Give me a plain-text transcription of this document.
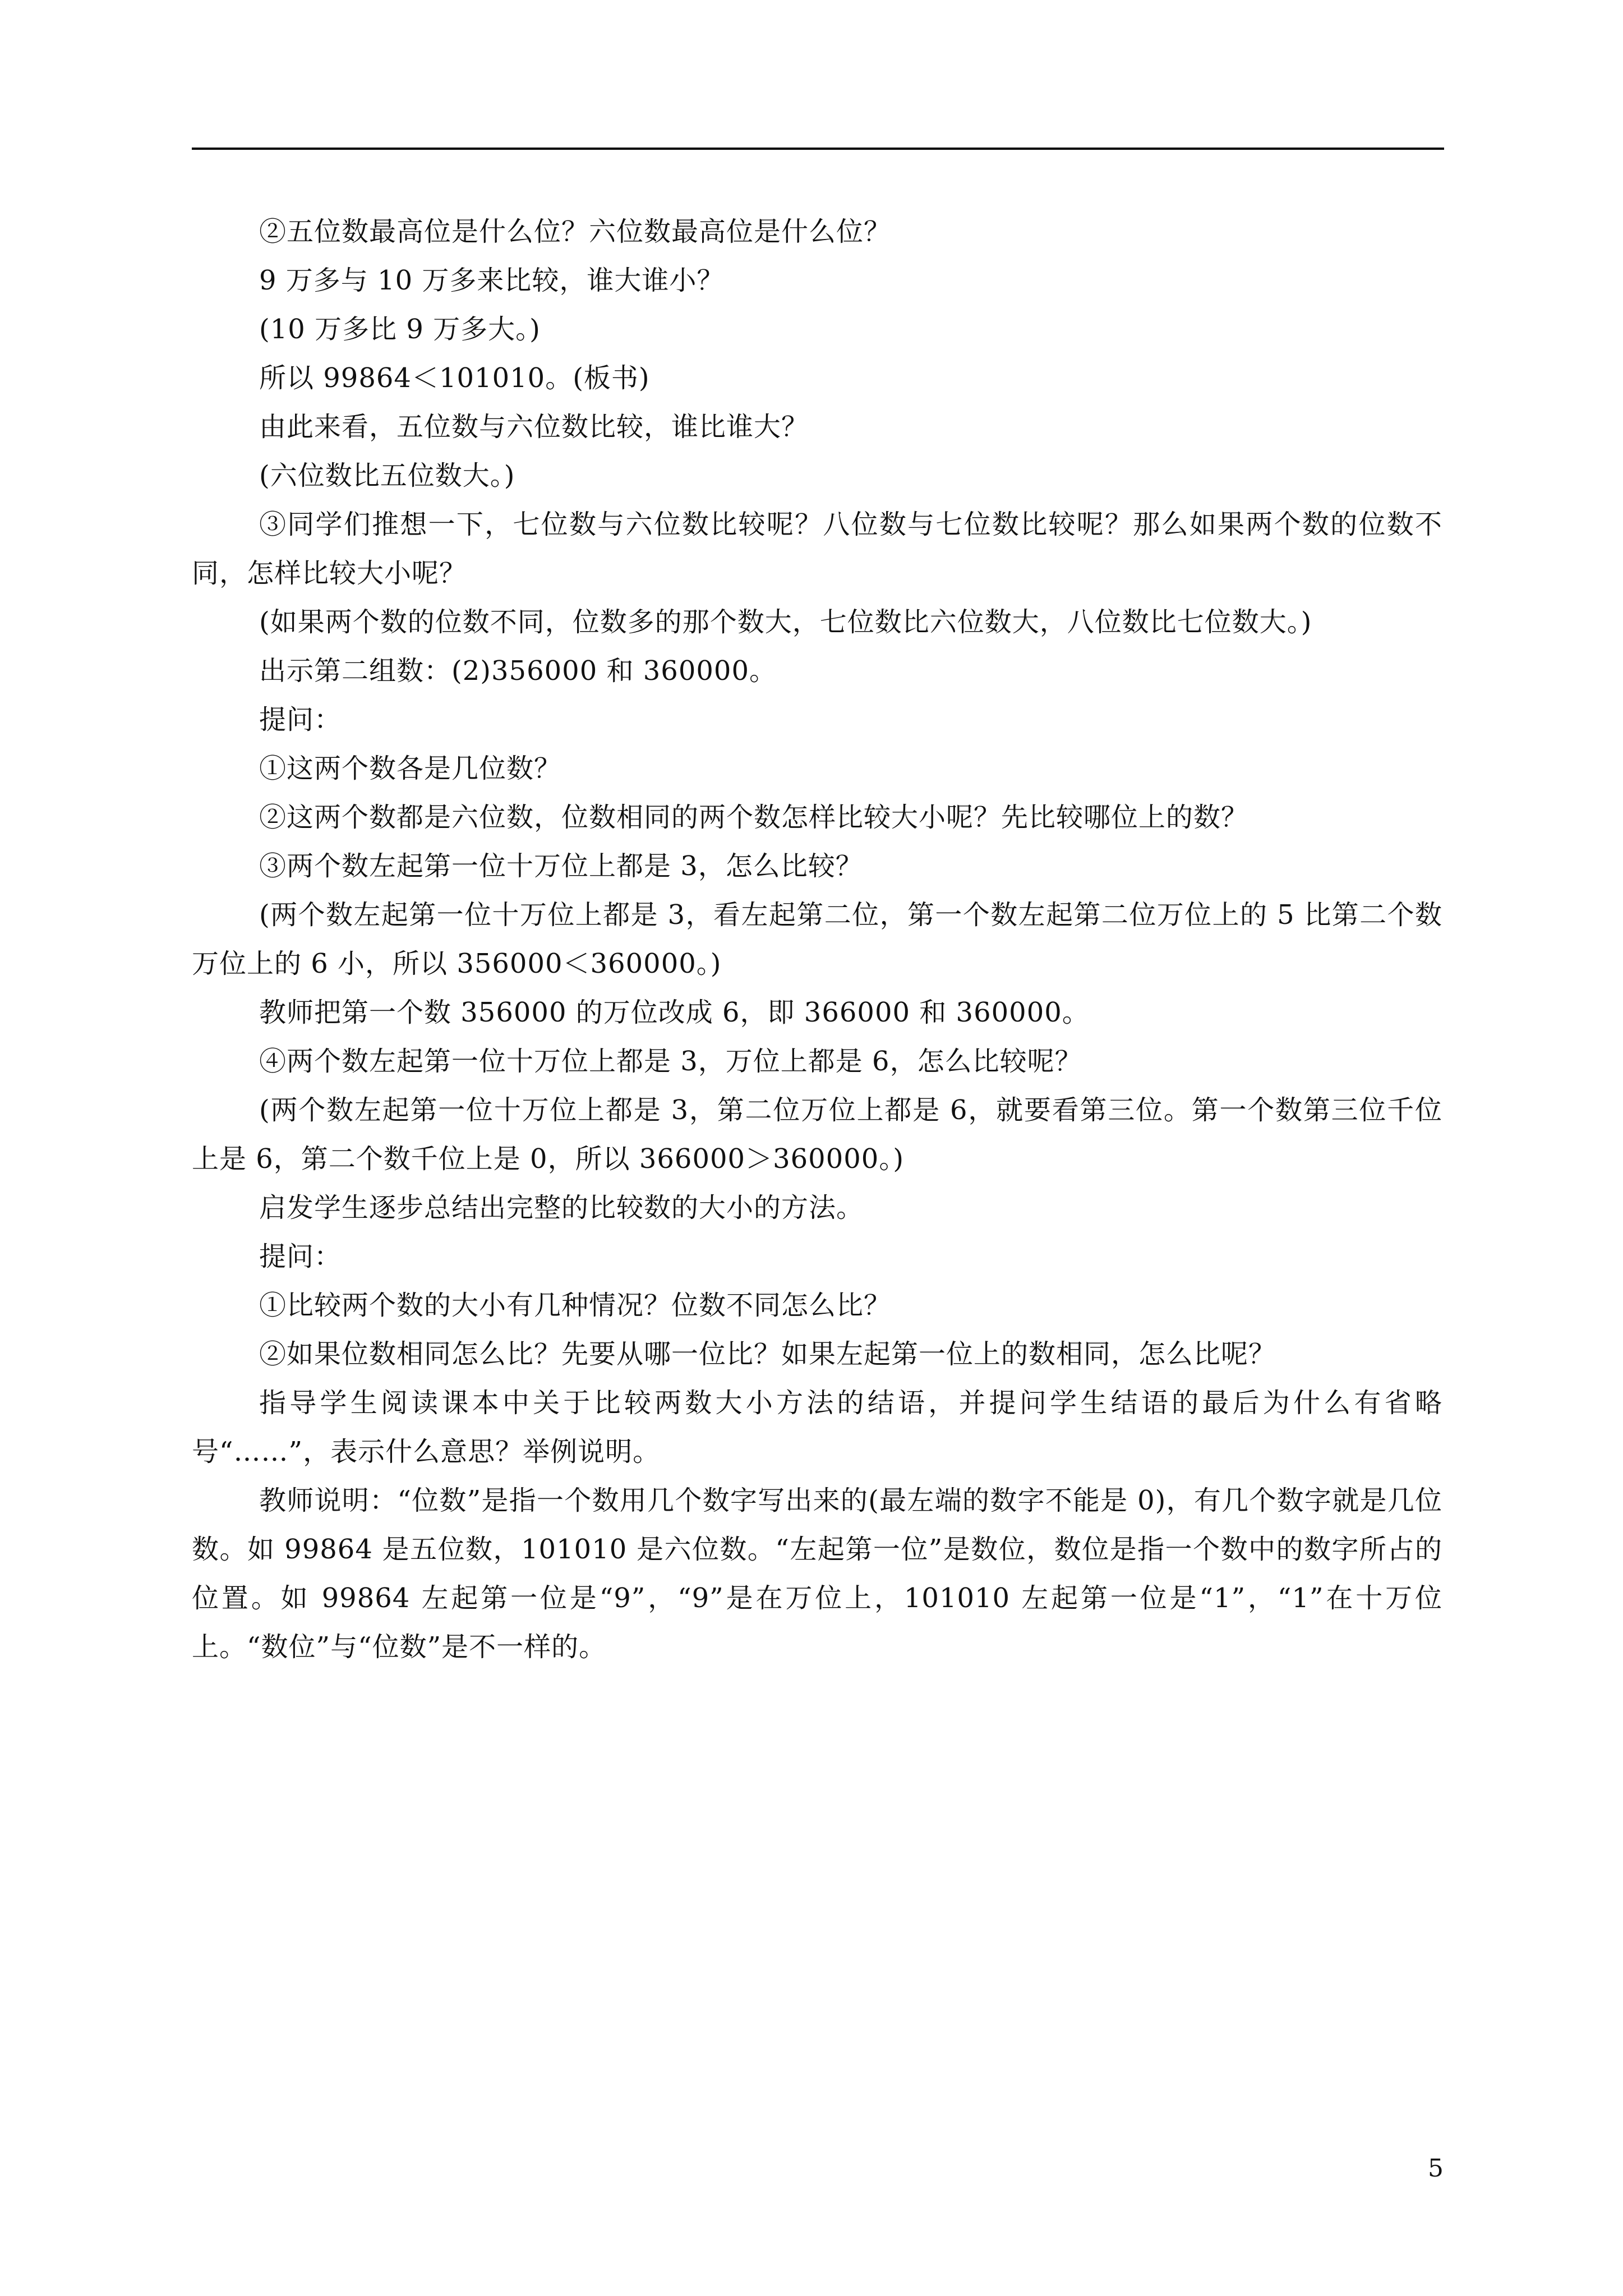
②五位数最高位是什么位？六位数最高位是什么位？

9 万多与 10 万多来比较，谁大谁小？

(10 万多比 9 万多大。)

所以 99864＜101010。(板书)

由此来看，五位数与六位数比较，谁比谁大？

(六位数比五位数大。)

③同学们推想一下，七位数与六位数比较呢？八位数与七位数比较呢？那么如果两个数的位数不同，怎样比较大小呢？

(如果两个数的位数不同，位数多的那个数大，七位数比六位数大，八位数比七位数大。)

出示第二组数：(2)356000 和 360000。

提问：

①这两个数各是几位数？

②这两个数都是六位数，位数相同的两个数怎样比较大小呢？先比较哪位上的数？

③两个数左起第一位十万位上都是 3，怎么比较？

(两个数左起第一位十万位上都是 3，看左起第二位，第一个数左起第二位万位上的 5 比第二个数万位上的 6 小，所以 356000＜360000。)

教师把第一个数 356000 的万位改成 6，即 366000 和 360000。

④两个数左起第一位十万位上都是 3，万位上都是 6，怎么比较呢？

(两个数左起第一位十万位上都是 3，第二位万位上都是 6，就要看第三位。第一个数第三位千位上是 6，第二个数千位上是 0，所以 366000＞360000。)

启发学生逐步总结出完整的比较数的大小的方法。

提问：

①比较两个数的大小有几种情况？位数不同怎么比？

②如果位数相同怎么比？先要从哪一位比？如果左起第一位上的数相同，怎么比呢？

指导学生阅读课本中关于比较两数大小方法的结语，并提问学生结语的最后为什么有省略号“……”，表示什么意思？举例说明。

教师说明：“位数”是指一个数用几个数字写出来的(最左端的数字不能是 0)，有几个数字就是几位数。如 99864 是五位数，101010 是六位数。“左起第一位”是数位，数位是指一个数中的数字所占的位置。如 99864 左起第一位是“9”，“9”是在万位上，101010 左起第一位是“1”，“1”在十万位上。“数位”与“位数”是不一样的。

5
